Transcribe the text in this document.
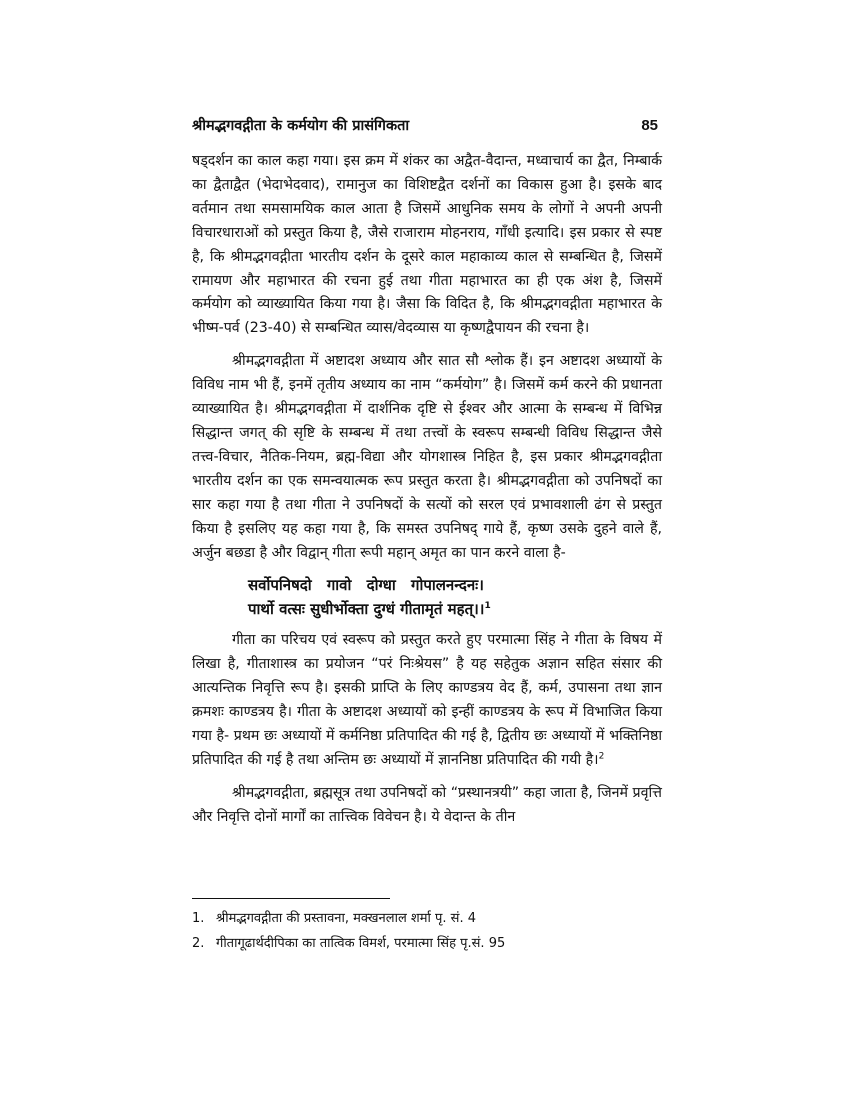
श्रीमद्भगवद्गीता के कर्मयोग की प्रासंगिकता	85

षड्दर्शन का काल कहा गया। इस क्रम में शंकर का अद्वैत-वैदान्त, मध्वाचार्य का द्वैत, निम्बार्क का द्वैताद्वैत (भेदाभेदवाद), रामानुज का विशिष्टद्वैत दर्शनों का विकास हुआ है। इसके बाद वर्तमान तथा समसामयिक काल आता है जिसमें आधुनिक समय के लोगों ने अपनी अपनी विचारधाराओं को प्रस्तुत किया है, जैसे राजाराम मोहनराय, गाँधी इत्यादि। इस प्रकार से स्पष्ट है, कि श्रीमद्भगवद्गीता भारतीय दर्शन के दूसरे काल महाकाव्य काल से सम्बन्धित है, जिसमें रामायण और महाभारत की रचना हुई तथा गीता महाभारत का ही एक अंश है, जिसमें कर्मयोग को व्याख्यायित किया गया है। जैसा कि विदित है, कि श्रीमद्भगवद्गीता महाभारत के भीष्म-पर्व (23-40) से सम्बन्धित व्यास/वेदव्यास या कृष्णद्वैपायन की रचना है।

श्रीमद्भगवद्गीता में अष्टादश अध्याय और सात सौ श्लोक हैं। इन अष्टादश अध्यायों के विविध नाम भी हैं, इनमें तृतीय अध्याय का नाम “कर्मयोग” है। जिसमें कर्म करने की प्रधानता व्याख्यायित है। श्रीमद्भगवद्गीता में दार्शनिक दृष्टि से ईश्वर और आत्मा के सम्बन्ध में विभिन्न सिद्धान्त जगत् की सृष्टि के सम्बन्ध में तथा तत्त्वों के स्वरूप सम्बन्धी विविध सिद्धान्त जैसे तत्त्व-विचार, नैतिक-नियम, ब्रह्म-विद्या और योगशास्त्र निहित है, इस प्रकार श्रीमद्भगवद्गीता भारतीय दर्शन का एक समन्वयात्मक रूप प्रस्तुत करता है। श्रीमद्भगवद्गीता को उपनिषदों का सार कहा गया है तथा गीता ने उपनिषदों के सत्यों को सरल एवं प्रभावशाली ढंग से प्रस्तुत किया है इसलिए यह कहा गया है, कि समस्त उपनिषद् गाये हैं, कृष्ण उसके दुहने वाले हैं, अर्जुन बछडा है और विद्वान् गीता रूपी महान् अमृत का पान करने वाला है-

सर्वोपनिषदो गावो दोग्धा गोपालनन्दनः।
पार्थो वत्सः सुधीर्भोक्ता दुग्धं गीतामृतं महत्।।$^1$

गीता का परिचय एवं स्वरूप को प्रस्तुत करते हुए परमात्मा सिंह ने गीता के विषय में लिखा है, गीताशास्त्र का प्रयोजन “परं निःश्रेयस” है यह सहेतुक अज्ञान सहित संसार की आत्यन्तिक निवृत्ति रूप है। इसकी प्राप्ति के लिए काण्डत्रय वेद हैं, कर्म, उपासना तथा ज्ञान क्रमशः काण्डत्रय है। गीता के अष्टादश अध्यायों को इन्हीं काण्डत्रय के रूप में विभाजित किया गया है- प्रथम छः अध्यायों में कर्मनिष्ठा प्रतिपादित की गई है, द्वितीय छः अध्यायों में भक्तिनिष्ठा प्रतिपादित की गई है तथा अन्तिम छः अध्यायों में ज्ञाननिष्ठा प्रतिपादित की गयी है।$^2$

श्रीमद्भगवद्गीता, ब्रह्मसूत्र तथा उपनिषदों को “प्रस्थानत्रयी” कहा जाता है, जिनमें प्रवृत्ति और निवृत्ति दोनों मार्गों का तात्त्विक विवेचन है। ये वेदान्त के तीन

1. श्रीमद्भगवद्गीता की प्रस्तावना, मक्खनलाल शर्मा पृ. सं. 4
2. गीतागूढार्थदीपिका का तात्विक विमर्श, परमात्मा सिंह पृ.सं. 95
